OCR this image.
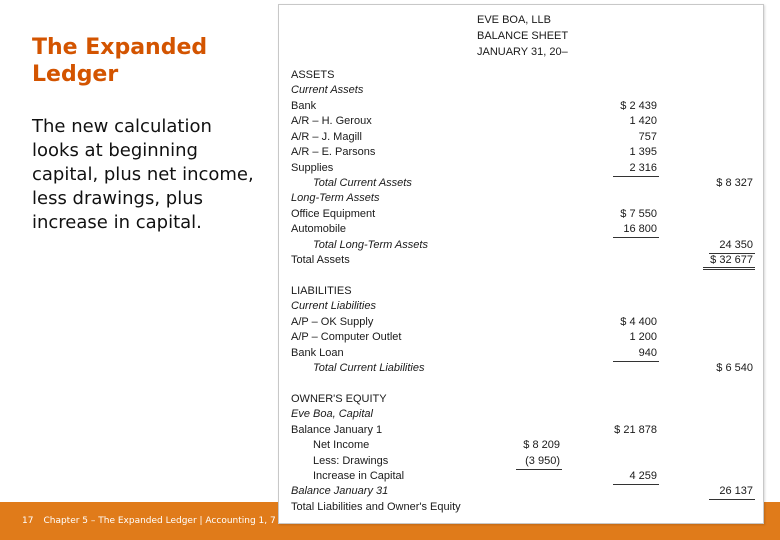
The Expanded Ledger
The new calculation looks at beginning capital, plus net income, less drawings, plus increase in capital.
17 Chapter 5 – The Expanded Ledger | Accounting 1, 7
EVE BOA, LLB
BALANCE SHEET
JANUARY 31, 20–
ASSETS
Current Assets
Bank	$ 2 439
A/R – H. Geroux	1 420
A/R – J. Magill	757
A/R – E. Parsons	1 395
Supplies	2 316
Total Current Assets	$ 8 327
Long-Term Assets
Office Equipment	$ 7 550
Automobile	16 800
Total Long-Term Assets	24 350
Total Assets	$ 32 677
LIABILITIES
Current Liabilities
A/P – OK Supply	$ 4 400
A/P – Computer Outlet	1 200
Bank Loan	940
Total Current Liabilities	$ 6 540
OWNER'S EQUITY
Eve Boa, Capital
Balance January 1	$ 21 878
Net Income	$ 8 209
Less: Drawings	(3 950)
Increase in Capital	4 259
Balance January 31	26 137
Total Liabilities and Owner's Equity
